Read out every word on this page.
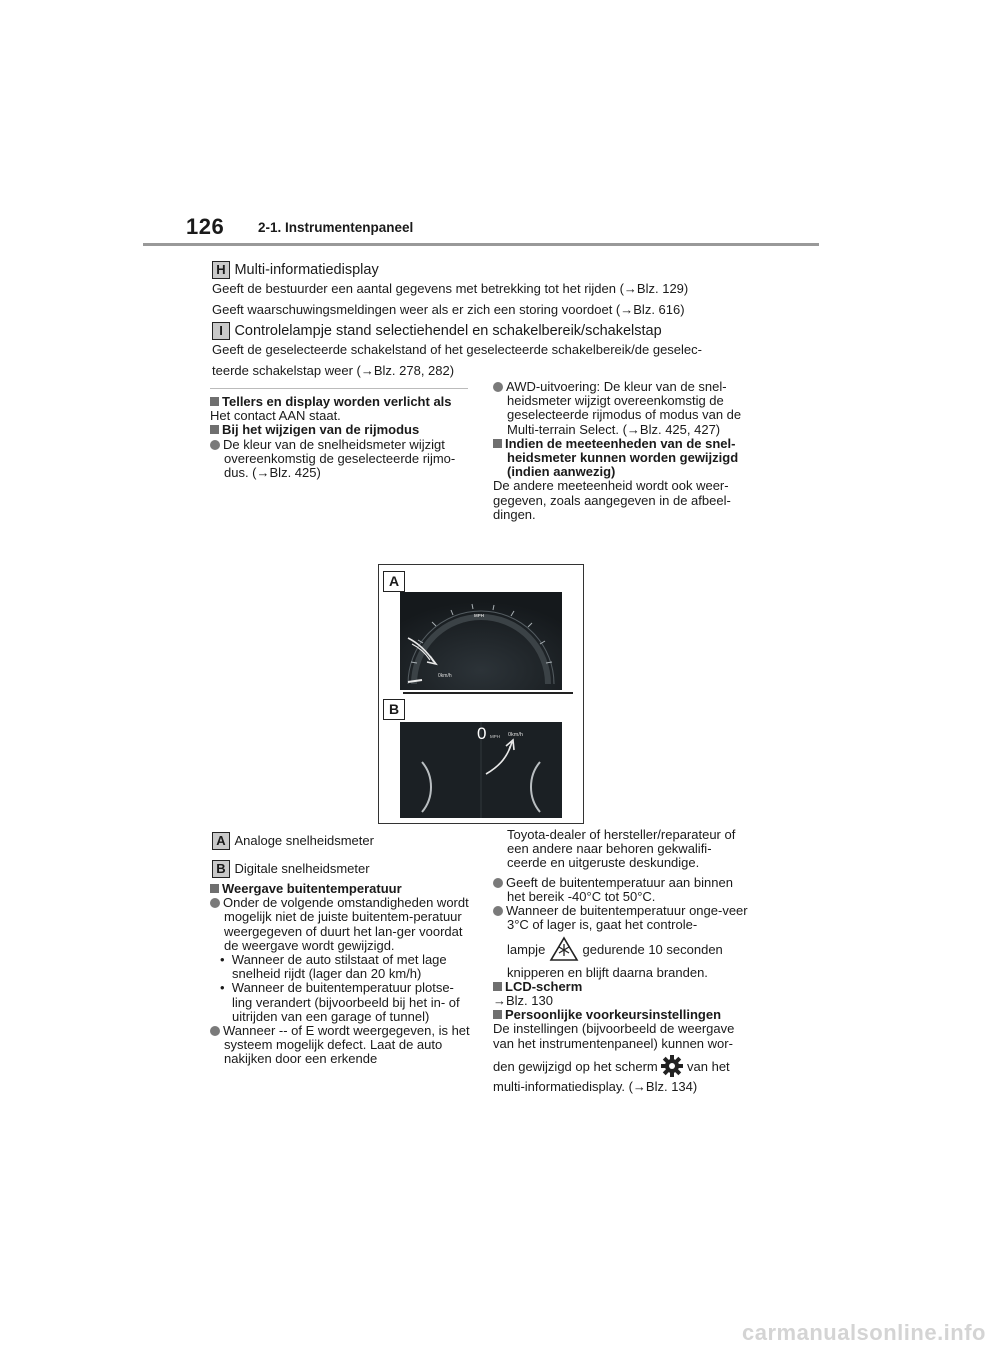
126	2-1. Instrumentenpaneel
H Multi-informatiedisplay
Geeft de bestuurder een aantal gegevens met betrekking tot het rijden (→Blz. 129)
Geeft waarschuwingsmeldingen weer als er zich een storing voordoet (→Blz. 616)
I Controlelampje stand selectiehendel en schakelbereik/schakelstap
Geeft de geselecteerde schakelstand of het geselecteerde schakelbereik/de geselec-
teerde schakelstap weer (→Blz. 278, 282)

Tellers en display worden verlicht als

Het contact AAN staat.

Bij het wijzigen van de rijmodus

De kleur van de snelheidsmeter wijzigt overeenkomstig de geselecteerde rijmo-dus. (→Blz. 425)

AWD-uitvoering: De kleur van de snel-heidsmeter wijzigt overeenkomstig de geselecteerde rijmodus of modus van de Multi-terrain Select. (→Blz. 425, 427)

Indien de meeteenheden van de snel-heidsmeter kunnen worden gewijzigd (indien aanwezig)

De andere meeteenheid wordt ook weer-gegeven, zoals aangegeven in de afbeel-dingen.

A
MPH
0km/h
B
0 MPH 0km/h
A Analoge snelheidsmeter
B Digitale snelheidsmeter

Weergave buitentemperatuur

Onder de volgende omstandigheden wordt mogelijk niet de juiste buitentem-peratuur weergegeven of duurt het lan-ger voordat de weergave wordt gewijzigd.

•  Wanneer de auto stilstaat of met lage snelheid rijdt (lager dan 20 km/h)

•  Wanneer de buitentemperatuur plotse-ling verandert (bijvoorbeeld bij het in- of uitrijden van een garage of tunnel)

Wanneer -- of E wordt weergegeven, is het systeem mogelijk defect. Laat de auto nakijken door een erkende

Toyota-dealer of hersteller/reparateur of een andere naar behoren gekwalifi-ceerde en uitgeruste deskundige.

Geeft de buitentemperatuur aan binnen het bereik -40°C tot 50°C.

Wanneer de buitentemperatuur onge-veer 3°C of lager is, gaat het controle-

lampje	gedurende 10 seconden

knipperen en blijft daarna branden.

LCD-scherm

→Blz. 130

Persoonlijke voorkeursinstellingen

De instellingen (bijvoorbeeld de weergave van het instrumentenpaneel) kunnen wor-

den gewijzigd op het scherm van het

multi-informatiedisplay. (→Blz. 134)

carmanualsonline.info
